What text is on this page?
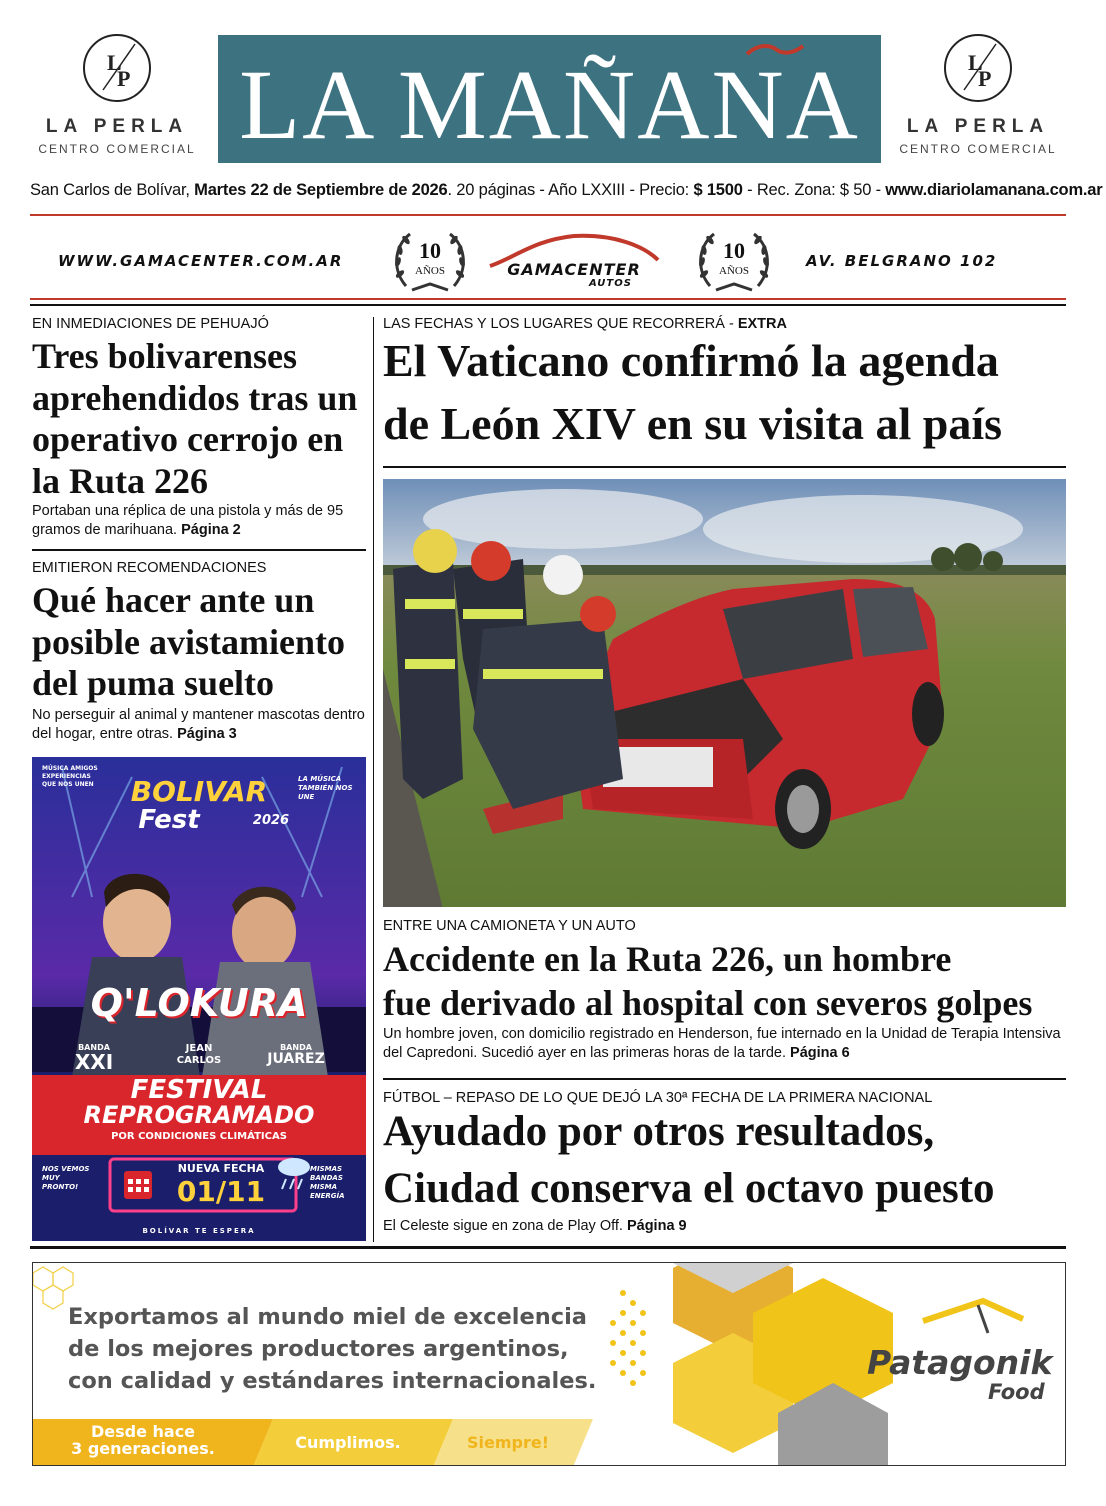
L
P
LA PERLA
CENTRO COMERCIAL
L
P
LA PERLA
CENTRO COMERCIAL
LA MAÑANA
San Carlos de Bolívar, Martes 22 de Septiembre de 2026. 20 páginas - Año LXXIII - Precio: $ 1500 - Rec. Zona: $ 50 - www.diariolamanana.com.ar
WWW.GAMACENTER.COM.AR	10
AÑOS	GAMACENTER
AUTOS
10
AÑOS
AV. BELGRANO 102
EN INMEDIACIONES DE PEHUAJÓ
Tres bolivarenses aprehendidos tras un operativo cerrojo en la Ruta 226
Portaban una réplica de una pistola y más de 95 gramos de marihuana. Página 2
EMITIERON RECOMENDACIONES
Qué hacer ante un posible avistamiento del puma suelto
No perseguir al animal y mantener mascotas dentro del hogar, entre otras. Página 3
MÚSICA AMIGOS EXPERIENCIAS QUE NOS UNEN
LA MÚSICA TAMBIÉN NOS UNE
BOLIVAR
Fest	2026
Q'LOKURA
BANDA
XXI
JEAN
CARLOS
BANDA
JUAREZ
FESTIVAL
REPROGRAMADO
POR CONDICIONES CLIMÁTICAS
NUEVA FECHA
01/11
NOS VEMOS MUY PRONTO!
MISMAS BANDAS MISMA ENERGÍA
BOLÍVAR TE ESPERA
LAS FECHAS Y LOS LUGARES QUE RECORRERÁ - EXTRA
El Vaticano confirmó la agenda
de León XIV en su visita al país
ENTRE UNA CAMIONETA Y UN AUTO
Accidente en la Ruta 226, un hombre
fue derivado al hospital con severos golpes
Un hombre joven, con domicilio registrado en Henderson, fue internado en la Unidad de Terapia Intensiva del Capredoni. Sucedió ayer en las primeras horas de la tarde. Página 6
FÚTBOL – REPASO DE LO QUE DEJÓ LA 30ª FECHA DE LA PRIMERA NACIONAL
Ayudado por otros resultados,
Ciudad conserva el octavo puesto
El Celeste sigue en zona de Play Off. Página 9
Exportamos al mundo miel de excelencia
de los mejores productores argentinos,
con calidad y estándares internacionales.
Desde hace
3 generaciones.	Cumplimos.	Siempre!
Patagonik
Food
